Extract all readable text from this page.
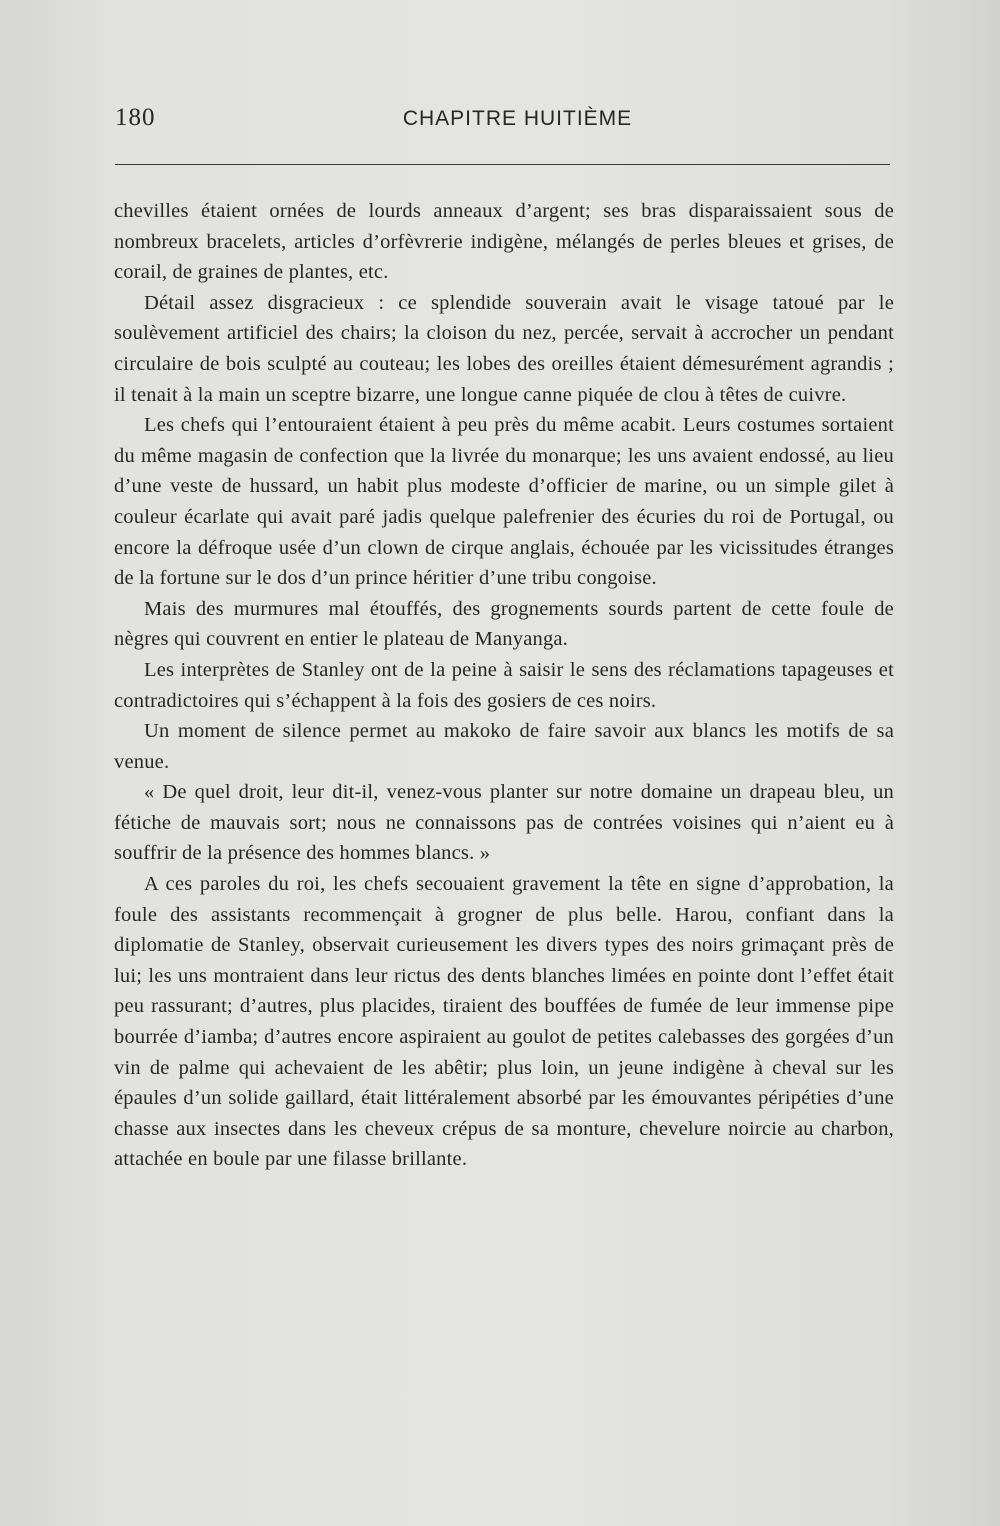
180	CHAPITRE HUITIÈME

chevilles étaient ornées de lourds anneaux d’argent; ses bras disparaissaient sous de nombreux bracelets, articles d’orfèvrerie indigène, mélangés de perles bleues et grises, de corail, de graines de plantes, etc.

Détail assez disgracieux : ce splendide souverain avait le visage tatoué par le soulèvement artificiel des chairs; la cloison du nez, percée, servait à accrocher un pendant circulaire de bois sculpté au couteau; les lobes des oreilles étaient démesurément agrandis ; il tenait à la main un sceptre bizarre, une longue canne piquée de clou à têtes de cuivre.

Les chefs qui l’entouraient étaient à peu près du même acabit. Leurs costumes sortaient du même magasin de confection que la livrée du monarque; les uns avaient endossé, au lieu d’une veste de hussard, un habit plus modeste d’officier de marine, ou un simple gilet à couleur écarlate qui avait paré jadis quelque palefrenier des écuries du roi de Portugal, ou encore la défroque usée d’un clown de cirque anglais, échouée par les vicissitudes étranges de la fortune sur le dos d’un prince héritier d’une tribu congoise.

Mais des murmures mal étouffés, des grognements sourds partent de cette foule de nègres qui couvrent en entier le plateau de Manyanga.

Les interprètes de Stanley ont de la peine à saisir le sens des réclamations tapageuses et contradictoires qui s’échappent à la fois des gosiers de ces noirs.

Un moment de silence permet au makoko de faire savoir aux blancs les motifs de sa venue.

« De quel droit, leur dit-il, venez-vous planter sur notre domaine un drapeau bleu, un fétiche de mauvais sort; nous ne connaissons pas de contrées voisines qui n’aient eu à souffrir de la présence des hommes blancs. »

A ces paroles du roi, les chefs secouaient gravement la tête en signe d’approbation, la foule des assistants recommençait à grogner de plus belle. Harou, confiant dans la diplomatie de Stanley, observait curieusement les divers types des noirs grimaçant près de lui; les uns montraient dans leur rictus des dents blanches limées en pointe dont l’effet était peu rassurant; d’autres, plus placides, tiraient des bouffées de fumée de leur immense pipe bourrée d’iamba; d’autres encore aspiraient au goulot de petites calebasses des gorgées d’un vin de palme qui achevaient de les abêtir; plus loin, un jeune indigène à cheval sur les épaules d’un solide gaillard, était littéralement absorbé par les émouvantes péripéties d’une chasse aux insectes dans les cheveux crépus de sa monture, chevelure noircie au charbon, attachée en boule par une filasse brillante.
